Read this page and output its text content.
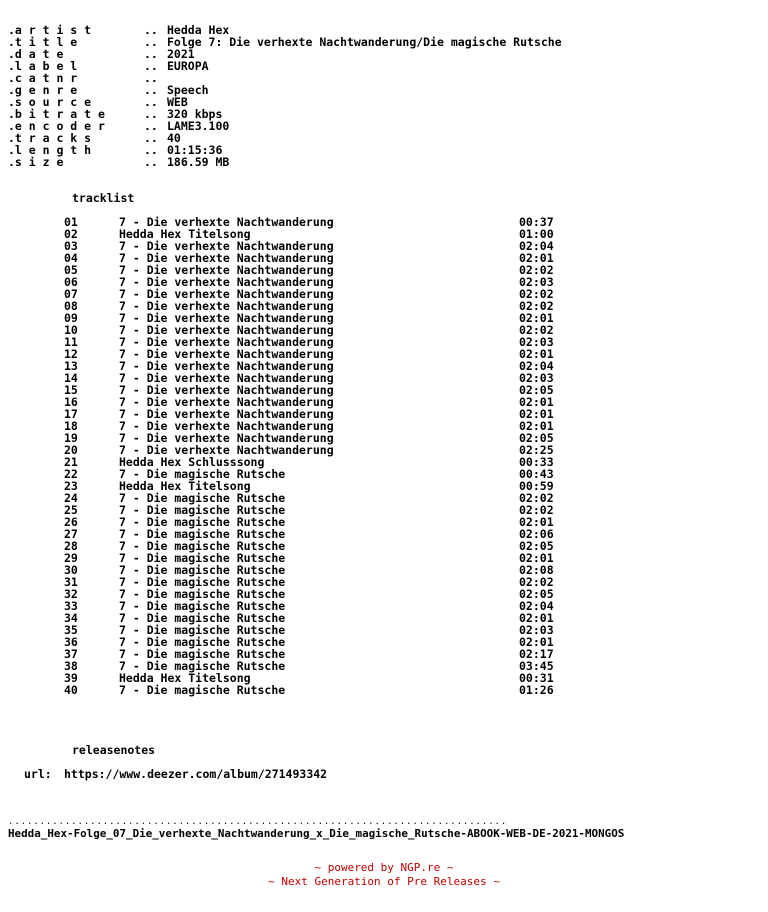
.a r t i s t	.. Hedda Hex
.t i t l e	.. Folge 7: Die verhexte Nachtwanderung/Die magische Rutsche
.d a t e	.. 2021
.l a b e l	.. EUROPA
.c a t n r	..
.g e n r e	.. Speech
.s o u r c e	.. WEB
.b i t r a t e	.. 320 kbps
.e n c o d e r	.. LAME3.100
.t r a c k s	.. 40
.l e n g t h	.. 01:15:36
.s i z e	.. 186.59 MB
tracklist
01	7 - Die verhexte Nachtwanderung	00:37
02	Hedda Hex Titelsong	01:00
03	7 - Die verhexte Nachtwanderung	02:04
04	7 - Die verhexte Nachtwanderung	02:01
05	7 - Die verhexte Nachtwanderung	02:02
06	7 - Die verhexte Nachtwanderung	02:03
07	7 - Die verhexte Nachtwanderung	02:02
08	7 - Die verhexte Nachtwanderung	02:02
09	7 - Die verhexte Nachtwanderung	02:01
10	7 - Die verhexte Nachtwanderung	02:02
11	7 - Die verhexte Nachtwanderung	02:03
12	7 - Die verhexte Nachtwanderung	02:01
13	7 - Die verhexte Nachtwanderung	02:04
14	7 - Die verhexte Nachtwanderung	02:03
15	7 - Die verhexte Nachtwanderung	02:05
16	7 - Die verhexte Nachtwanderung	02:01
17	7 - Die verhexte Nachtwanderung	02:01
18	7 - Die verhexte Nachtwanderung	02:01
19	7 - Die verhexte Nachtwanderung	02:05
20	7 - Die verhexte Nachtwanderung	02:25
21	Hedda Hex Schlusssong	00:33
22	7 - Die magische Rutsche	00:43
23	Hedda Hex Titelsong	00:59
24	7 - Die magische Rutsche	02:02
25	7 - Die magische Rutsche	02:02
26	7 - Die magische Rutsche	02:01
27	7 - Die magische Rutsche	02:06
28	7 - Die magische Rutsche	02:05
29	7 - Die magische Rutsche	02:01
30	7 - Die magische Rutsche	02:08
31	7 - Die magische Rutsche	02:02
32	7 - Die magische Rutsche	02:05
33	7 - Die magische Rutsche	02:04
34	7 - Die magische Rutsche	02:01
35	7 - Die magische Rutsche	02:03
36	7 - Die magische Rutsche	02:01
37	7 - Die magische Rutsche	02:17
38	7 - Die magische Rutsche	03:45
39	Hedda Hex Titelsong	00:31
40	7 - Die magische Rutsche	01:26
releasenotes
url: https://www.deezer.com/album/271493342
...............................................................................
Hedda_Hex-Folge_07_Die_verhexte_Nachtwanderung_x_Die_magische_Rutsche-ABOOK-WEB-DE-2021-MONGOS
~ powered by NGP.re ~
~ Next Generation of Pre Releases ~
